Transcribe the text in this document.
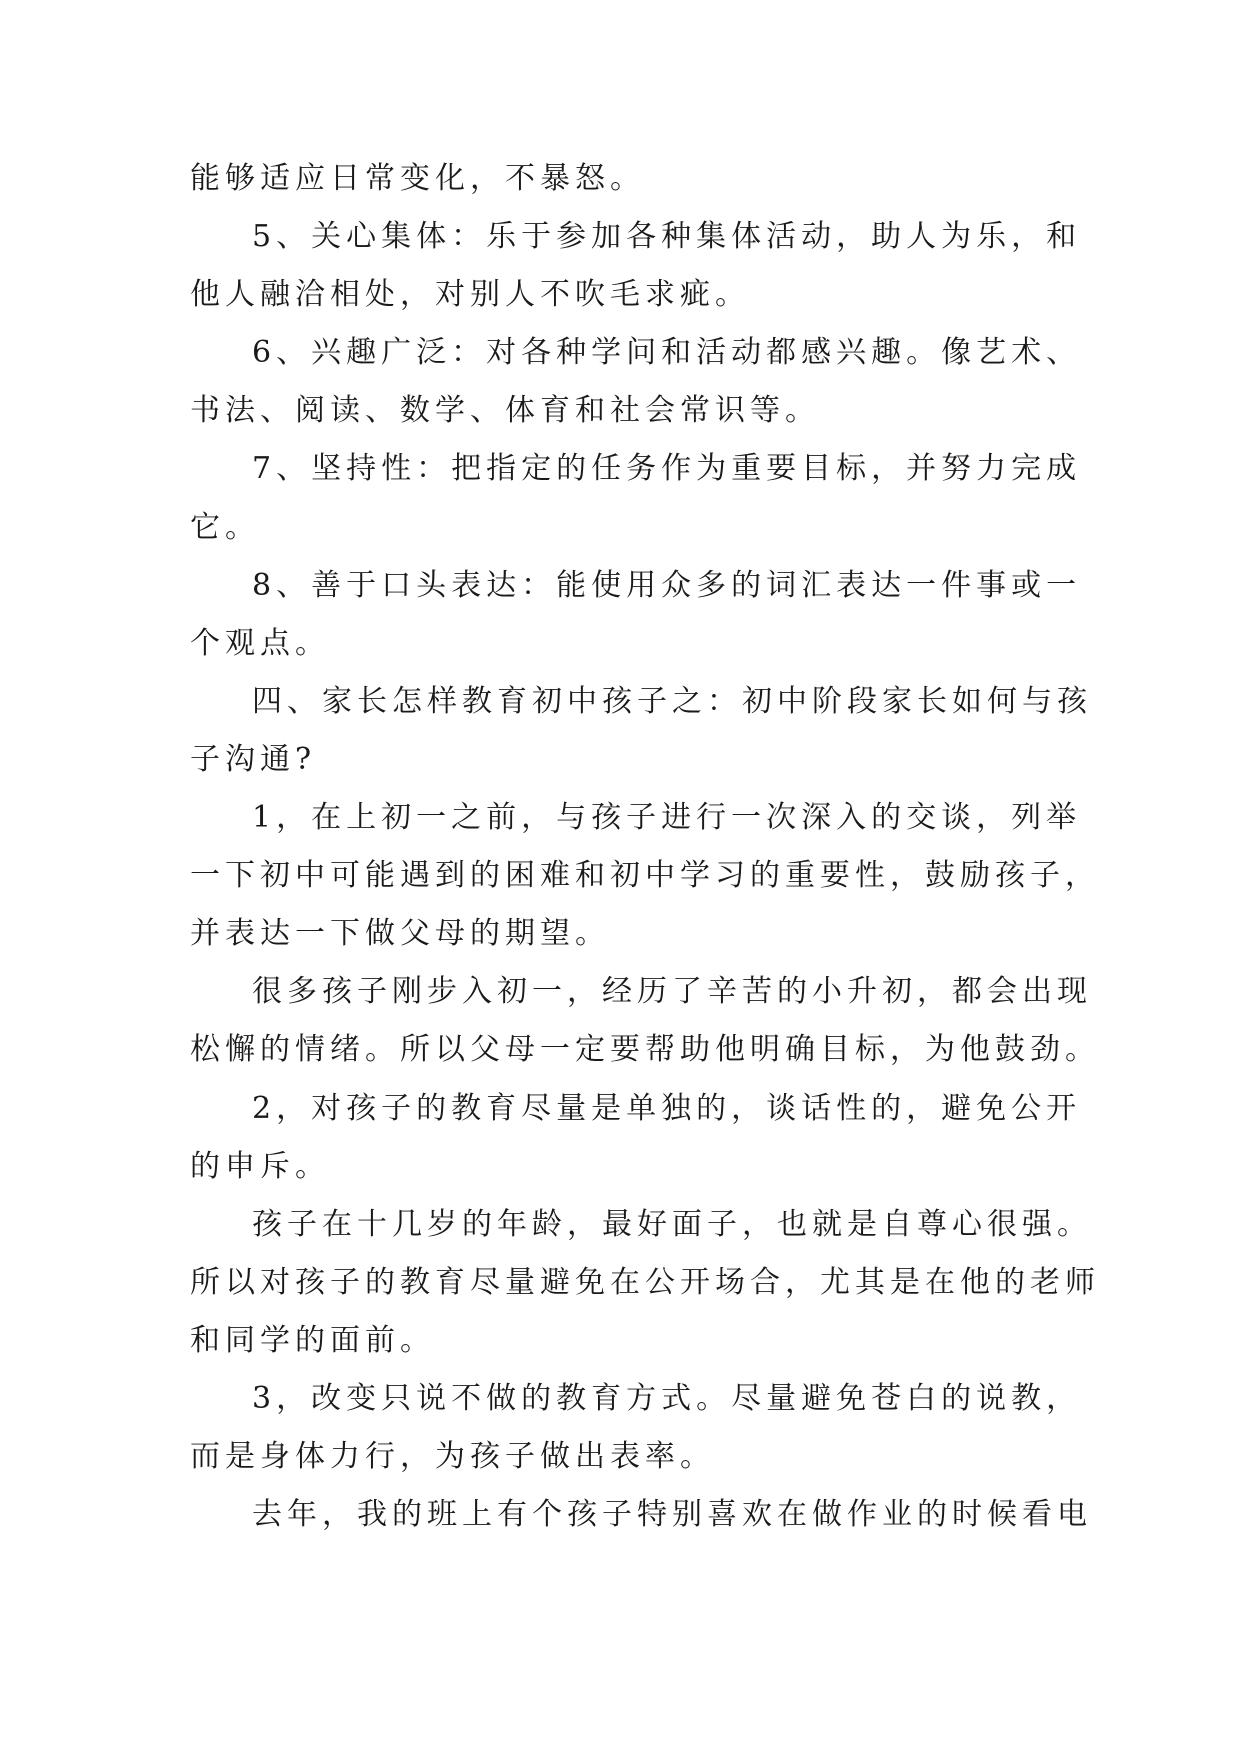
能够适应日常变化，不暴怒。
5、关心集体：乐于参加各种集体活动，助人为乐，和
他人融洽相处，对别人不吹毛求疵。
6、兴趣广泛：对各种学问和活动都感兴趣。像艺术、
书法、阅读、数学、体育和社会常识等。
7、坚持性：把指定的任务作为重要目标，并努力完成
它。
8、善于口头表达：能使用众多的词汇表达一件事或一
个观点。
四、家长怎样教育初中孩子之：初中阶段家长如何与孩
子沟通?
1，在上初一之前，与孩子进行一次深入的交谈，列举
一下初中可能遇到的困难和初中学习的重要性，鼓励孩子，
并表达一下做父母的期望。
很多孩子刚步入初一，经历了辛苦的小升初，都会出现
松懈的情绪。所以父母一定要帮助他明确目标，为他鼓劲。
2，对孩子的教育尽量是单独的，谈话性的，避免公开
的申斥。
孩子在十几岁的年龄，最好面子，也就是自尊心很强。
所以对孩子的教育尽量避免在公开场合，尤其是在他的老师
和同学的面前。
3，改变只说不做的教育方式。尽量避免苍白的说教，
而是身体力行，为孩子做出表率。
去年，我的班上有个孩子特别喜欢在做作业的时候看电
